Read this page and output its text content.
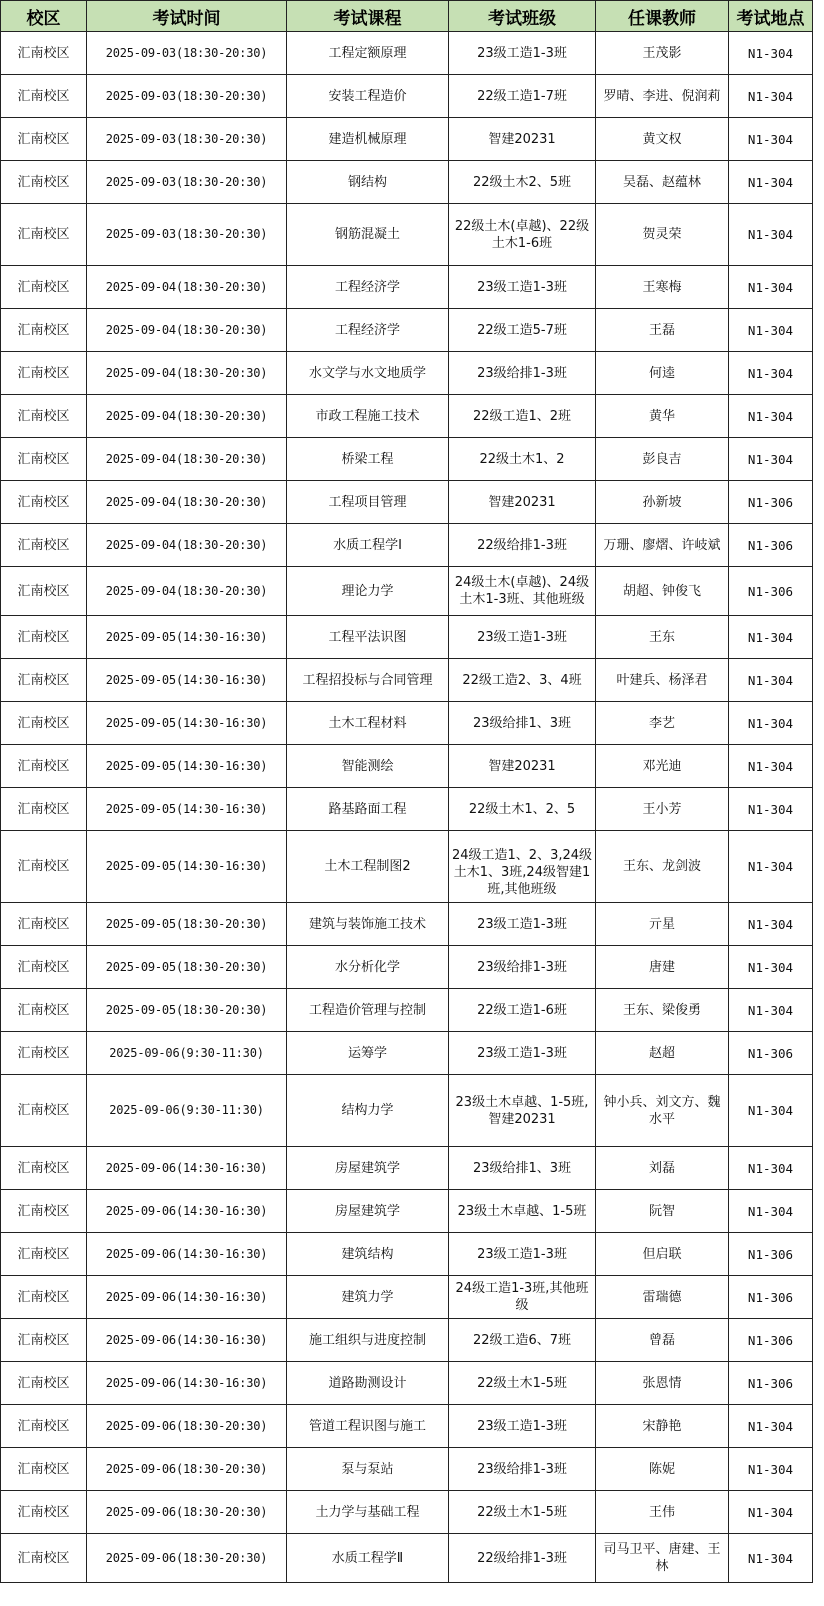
校区	考试时间	考试课程	考试班级	任课教师	考试地点
汇南校区	2025-09-03(18:30-20:30)	工程定额原理	23级工造1-3班	王茂影	N1-304
汇南校区	2025-09-03(18:30-20:30)	安装工程造价	22级工造1-7班	罗晴、李进、倪润莉	N1-304
汇南校区	2025-09-03(18:30-20:30)	建造机械原理	智建20231	黄文权	N1-304
汇南校区	2025-09-03(18:30-20:30)	钢结构	22级土木2、5班	吴磊、赵蕴林	N1-304
汇南校区	2025-09-03(18:30-20:30)	钢筋混凝土	22级土木(卓越)、22级土木1-6班	贺灵荣	N1-304
汇南校区	2025-09-04(18:30-20:30)	工程经济学	23级工造1-3班	王寒梅	N1-304
汇南校区	2025-09-04(18:30-20:30)	工程经济学	22级工造5-7班	王磊	N1-304
汇南校区	2025-09-04(18:30-20:30)	水文学与水文地质学	23级给排1-3班	何逵	N1-304
汇南校区	2025-09-04(18:30-20:30)	市政工程施工技术	22级工造1、2班	黄华	N1-304
汇南校区	2025-09-04(18:30-20:30)	桥梁工程	22级土木1、2	彭良吉	N1-304
汇南校区	2025-09-04(18:30-20:30)	工程项目管理	智建20231	孙新坡	N1-306
汇南校区	2025-09-04(18:30-20:30)	水质工程学Ⅰ	22级给排1-3班	万珊、廖熠、许岐斌	N1-306
汇南校区	2025-09-04(18:30-20:30)	理论力学	24级土木(卓越)、24级土木1-3班、其他班级	胡超、钟俊飞	N1-306
汇南校区	2025-09-05(14:30-16:30)	工程平法识图	23级工造1-3班	王东	N1-304
汇南校区	2025-09-05(14:30-16:30)	工程招投标与合同管理	22级工造2、3、4班	叶建兵、杨泽君	N1-304
汇南校区	2025-09-05(14:30-16:30)	土木工程材料	23级给排1、3班	李艺	N1-304
汇南校区	2025-09-05(14:30-16:30)	智能测绘	智建20231	邓光迪	N1-304
汇南校区	2025-09-05(14:30-16:30)	路基路面工程	22级土木1、2、5	王小芳	N1-304
汇南校区	2025-09-05(14:30-16:30)	土木工程制图2	24级工造1、2、3,24级土木1、3班,24级智建1班,其他班级	王东、龙剑波	N1-304
汇南校区	2025-09-05(18:30-20:30)	建筑与装饰施工技术	23级工造1-3班	亓星	N1-304
汇南校区	2025-09-05(18:30-20:30)	水分析化学	23级给排1-3班	唐建	N1-304
汇南校区	2025-09-05(18:30-20:30)	工程造价管理与控制	22级工造1-6班	王东、梁俊勇	N1-304
汇南校区	2025-09-06(9:30-11:30)	运筹学	23级工造1-3班	赵超	N1-306
汇南校区	2025-09-06(9:30-11:30)	结构力学	23级土木卓越、1-5班,智建20231	钟小兵、刘文方、魏水平	N1-304
汇南校区	2025-09-06(14:30-16:30)	房屋建筑学	23级给排1、3班	刘磊	N1-304
汇南校区	2025-09-06(14:30-16:30)	房屋建筑学	23级土木卓越、1-5班	阮智	N1-304
汇南校区	2025-09-06(14:30-16:30)	建筑结构	23级工造1-3班	但启联	N1-306
汇南校区	2025-09-06(14:30-16:30)	建筑力学	24级工造1-3班,其他班级	雷瑞德	N1-306
汇南校区	2025-09-06(14:30-16:30)	施工组织与进度控制	22级工造6、7班	曾磊	N1-306
汇南校区	2025-09-06(14:30-16:30)	道路勘测设计	22级土木1-5班	张恩情	N1-306
汇南校区	2025-09-06(18:30-20:30)	管道工程识图与施工	23级工造1-3班	宋静艳	N1-304
汇南校区	2025-09-06(18:30-20:30)	泵与泵站	23级给排1-3班	陈妮	N1-304
汇南校区	2025-09-06(18:30-20:30)	土力学与基础工程	22级土木1-5班	王伟	N1-304
汇南校区	2025-09-06(18:30-20:30)	水质工程学Ⅱ	22级给排1-3班	司马卫平、唐建、王林	N1-304
